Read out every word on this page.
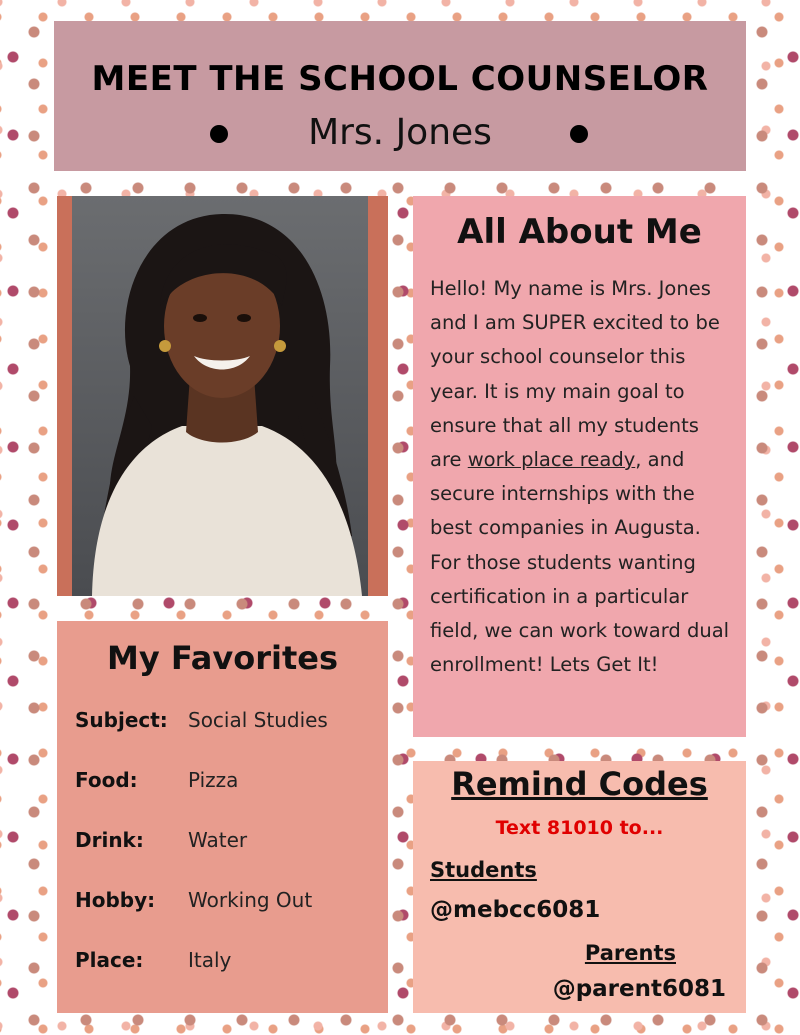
MEET THE SCHOOL COUNSELOR
Mrs. Jones
All About Me
Hello! My name is Mrs. Jones and I am SUPER excited to be your school counselor this year. It is my main goal to ensure that all my students are work place ready, and secure internships with the best companies in Augusta. For those students wanting certification in a particular field, we can work toward dual enrollment! Lets Get It!
My Favorites
Subject: Social Studies
Food:	Pizza
Drink: Water
Hobby: Working Out
Place: Italy
Remind Codes
Text 81010 to...
Students
@mebcc6081
Parents
@parent6081
